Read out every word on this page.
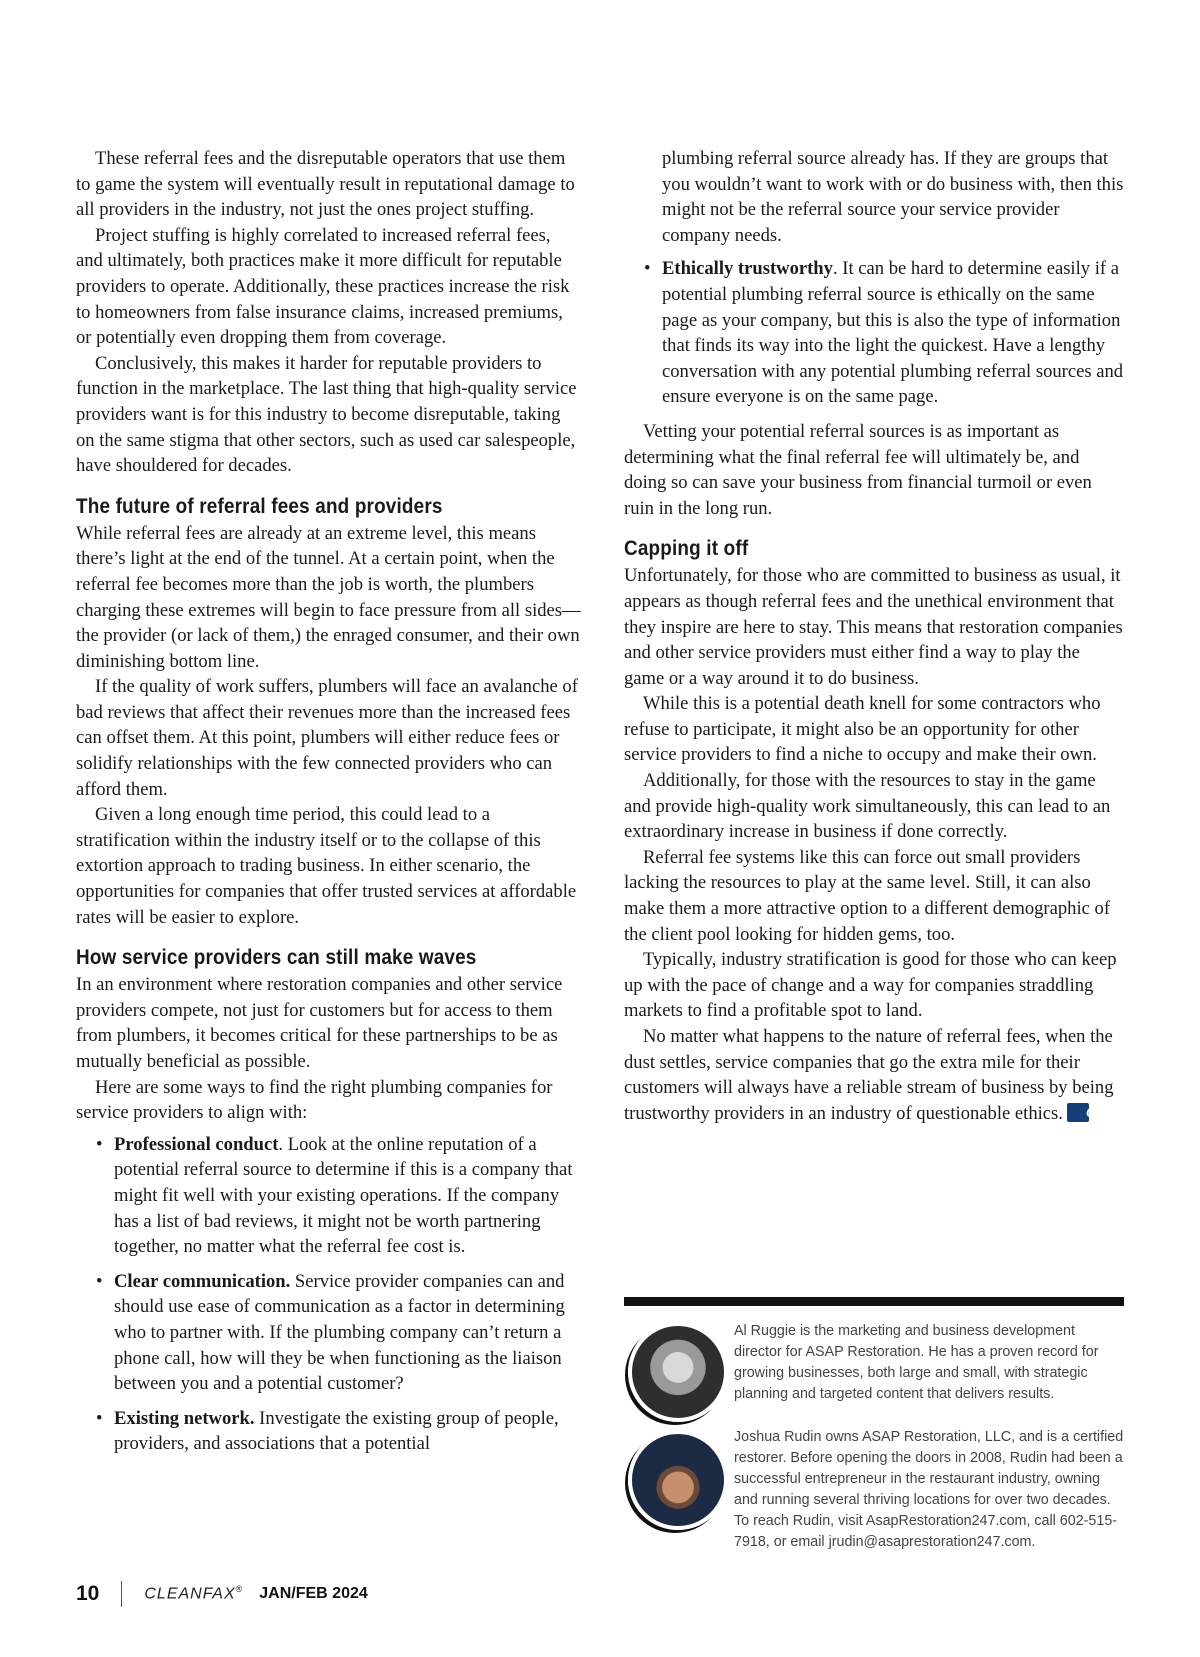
These referral fees and the disreputable operators that use them to game the system will eventually result in reputational damage to all providers in the industry, not just the ones project stuffing.

Project stuffing is highly correlated to increased referral fees, and ultimately, both practices make it more difficult for reputable providers to operate. Additionally, these practices increase the risk to homeowners from false insurance claims, increased premiums, or potentially even dropping them from coverage.

Conclusively, this makes it harder for reputable providers to function in the marketplace. The last thing that high-quality service providers want is for this industry to become disreputable, taking on the same stigma that other sectors, such as used car salespeople, have shouldered for decades.

The future of referral fees and providers

While referral fees are already at an extreme level, this means there’s light at the end of the tunnel. At a certain point, when the referral fee becomes more than the job is worth, the plumbers charging these extremes will begin to face pressure from all sides—the provider (or lack of them,) the enraged consumer, and their own diminishing bottom line.

If the quality of work suffers, plumbers will face an avalanche of bad reviews that affect their revenues more than the increased fees can offset them. At this point, plumbers will either reduce fees or solidify relationships with the few connected providers who can afford them.

Given a long enough time period, this could lead to a stratification within the industry itself or to the collapse of this extortion approach to trading business. In either scenario, the opportunities for companies that offer trusted services at affordable rates will be easier to explore.

How service providers can still make waves

In an environment where restoration companies and other service providers compete, not just for customers but for access to them from plumbers, it becomes critical for these partnerships to be as mutually beneficial as possible.

Here are some ways to find the right plumbing companies for service providers to align with:

• Professional conduct. Look at the online reputation of a potential referral source to determine if this is a company that might fit well with your existing operations. If the company has a list of bad reviews, it might not be worth partnering together, no matter what the referral fee cost is.
• Clear communication. Service provider companies can and should use ease of communication as a factor in determining who to partner with. If the plumbing company can’t return a phone call, how will they be when functioning as the liaison between you and a potential customer?
• Existing network. Investigate the existing group of people, providers, and associations that a potential

plumbing referral source already has. If they are groups that you wouldn’t want to work with or do business with, then this might not be the referral source your service provider company needs.

• Ethically trustworthy. It can be hard to determine easily if a potential plumbing referral source is ethically on the same page as your company, but this is also the type of information that finds its way into the light the quickest. Have a lengthy conversation with any potential plumbing referral sources and ensure everyone is on the same page.

Vetting your potential referral sources is as important as determining what the final referral fee will ultimately be, and doing so can save your business from financial turmoil or even ruin in the long run.

Capping it off

Unfortunately, for those who are committed to business as usual, it appears as though referral fees and the unethical environment that they inspire are here to stay. This means that restoration companies and other service providers must either find a way to play the game or a way around it to do business.

While this is a potential death knell for some contractors who refuse to participate, it might also be an opportunity for other service providers to find a niche to occupy and make their own.

Additionally, for those with the resources to stay in the game and provide high-quality work simultaneously, this can lead to an extraordinary increase in business if done correctly.

Referral fee systems like this can force out small providers lacking the resources to play at the same level. Still, it can also make them a more attractive option to a different demographic of the client pool looking for hidden gems, too.

Typically, industry stratification is good for those who can keep up with the pace of change and a way for companies straddling markets to find a profitable spot to land.

No matter what happens to the nature of referral fees, when the dust settles, service companies that go the extra mile for their customers will always have a reliable stream of business by being trustworthy providers in an industry of questionable ethics. CF

Al Ruggie is the marketing and business development director for ASAP Restoration. He has a proven record for growing businesses, both large and small, with strategic planning and targeted content that delivers results.
Joshua Rudin owns ASAP Restoration, LLC, and is a certified restorer. Before opening the doors in 2008, Rudin had been a successful entrepreneur in the restaurant industry, owning and running several thriving locations for over two decades. To reach Rudin, visit AsapRestoration247.com, call 602-515-7918, or email jrudin@asaprestoration247.com.
10	CLEANFAX® JAN/FEB 2024
